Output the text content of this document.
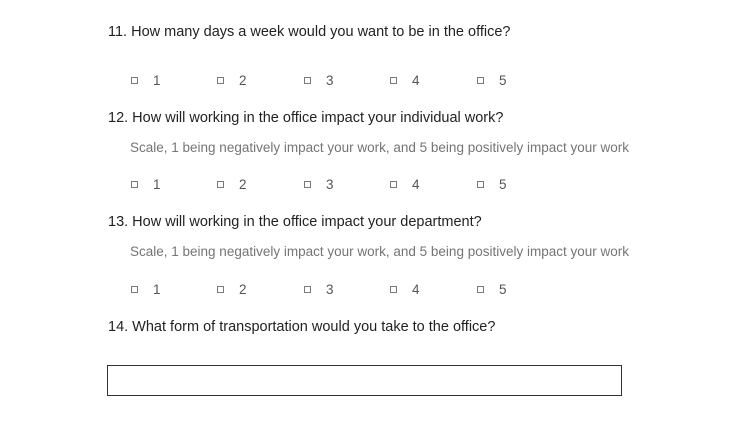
11. How many days a week would you want to be in the office?

1	2	3	4	5

12. How will working in the office impact your individual work?

Scale, 1 being negatively impact your work, and 5 being positively impact your work

1	2	3	4	5

13. How will working in the office impact your department?

Scale, 1 being negatively impact your work, and 5 being positively impact your work

1	2	3	4	5

14. What form of transportation would you take to the office?
